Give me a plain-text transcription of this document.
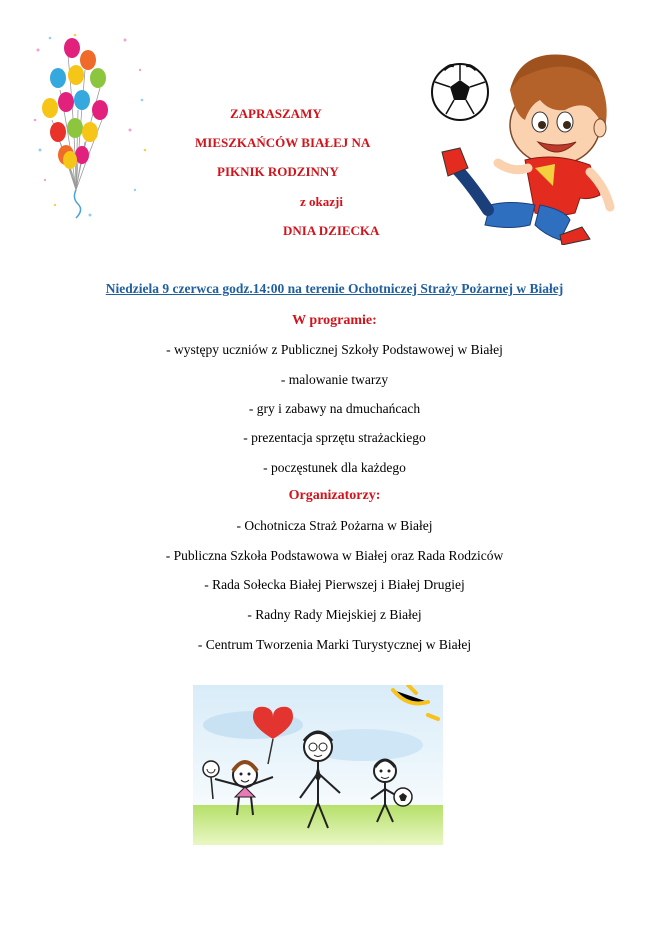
ZAPRASZAMY
MIESZKAŃCÓW BIAŁEJ NA
PIKNIK RODZINNY
z okazji
DNIA DZIECKA
Niedziela 9 czerwca godz.14:00 na terenie Ochotniczej Straży Pożarnej w Białej
W programie:
- występy uczniów z Publicznej Szkoły Podstawowej w Białej
- malowanie twarzy
- gry i zabawy na dmuchańcach
- prezentacja sprzętu strażackiego
- poczęstunek dla każdego
Organizatorzy:
- Ochotnicza Straż Pożarna w Białej
- Publiczna Szkoła Podstawowa w Białej oraz Rada Rodziców
- Rada Sołecka Białej Pierwszej i Białej Drugiej
- Radny Rady Miejskiej z Białej
- Centrum Tworzenia Marki Turystycznej w Białej
